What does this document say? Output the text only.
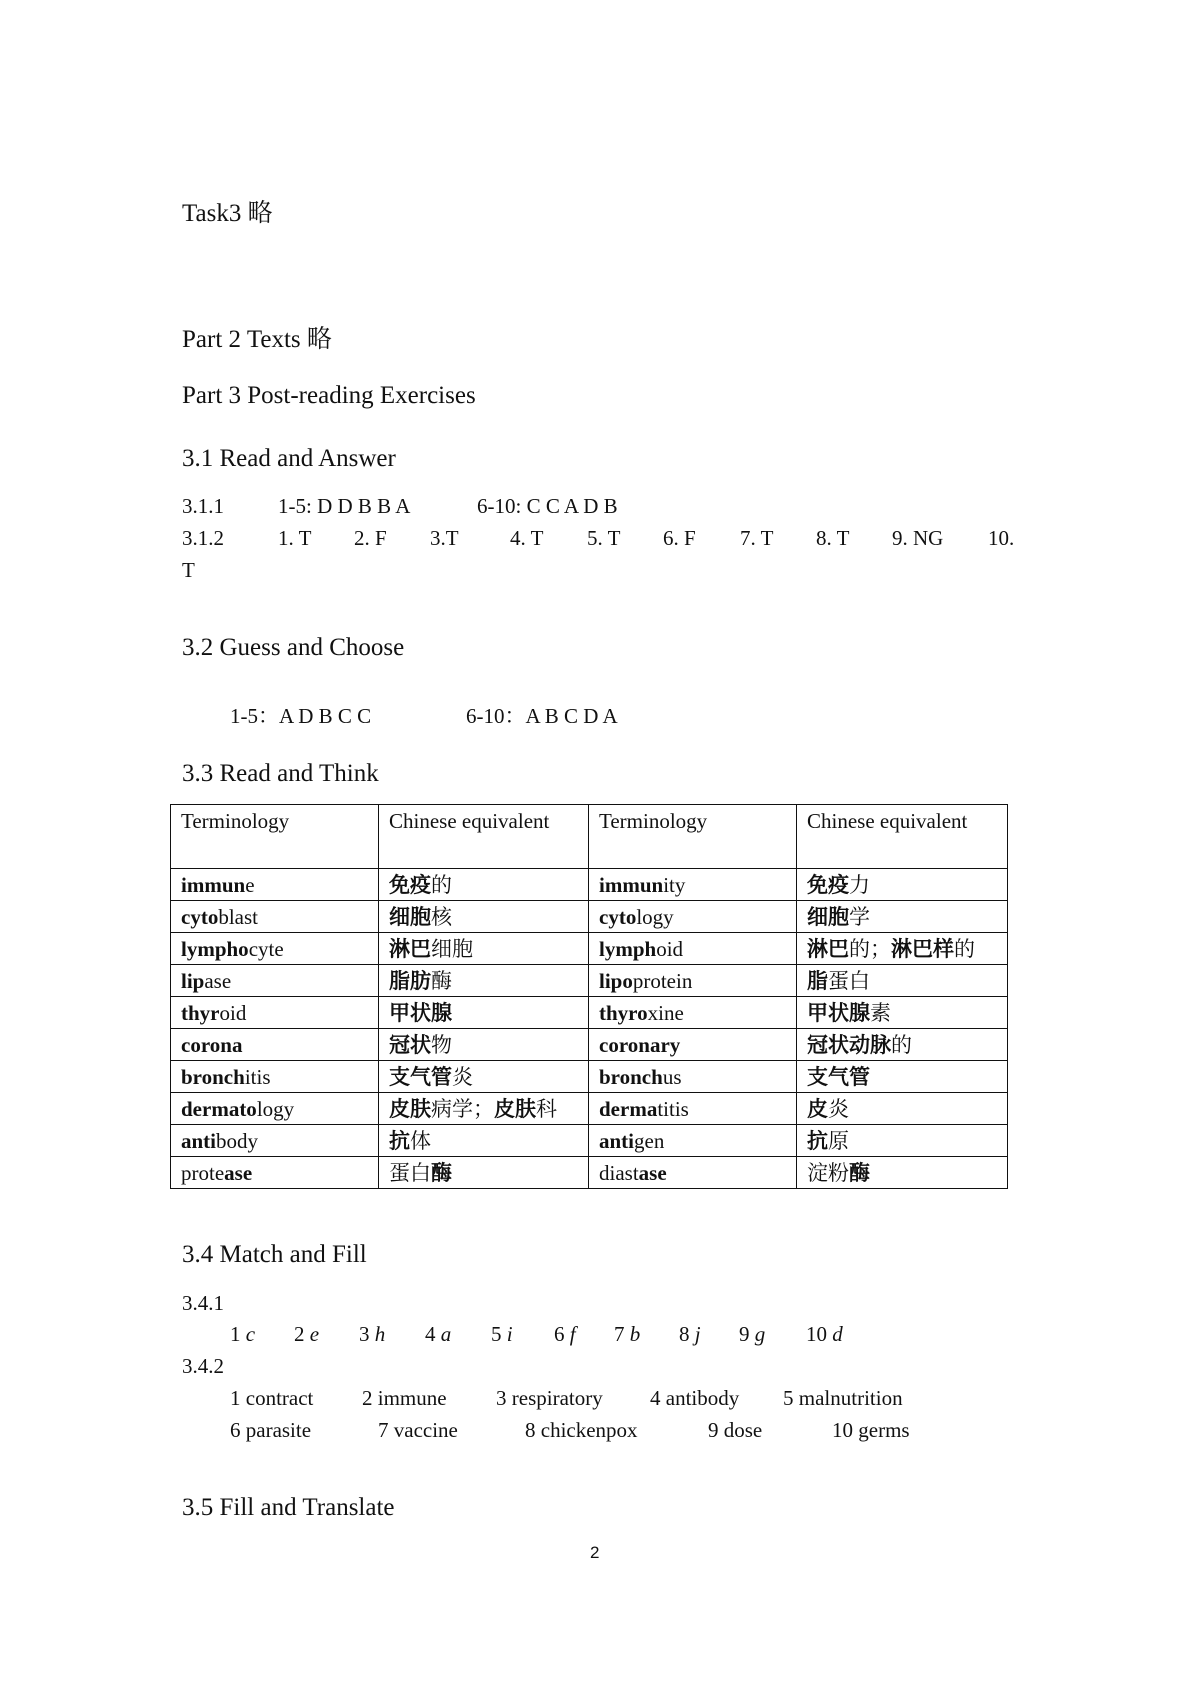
Task3 略
Part 2 Texts 略
Part 3 Post-reading Exercises
3.1 Read and Answer
3.1.1	1-5: D D B B A	6-10: C C A D B
3.1.2	1. T 2. F 3.T 4. T 5. T 6. F 7. T 8. T 9. NG 10.
T
3.2 Guess and Choose
1-5：A D B C C	6-10：A B C D A
3.3 Read and Think
Terminology	Chinese equivalent	Terminology	Chinese equivalent
immune	免疫的	immunity	免疫力
cytoblast	细胞核	cytology	细胞学
lymphocyte	淋巴细胞	lymphoid	淋巴的；淋巴样的
lipase	脂肪酶	lipoprotein	脂蛋白
thyroid	甲状腺	thyroxine	甲状腺素
corona	冠状物	coronary	冠状动脉的
bronchitis	支气管炎	bronchus	支气管
dermatology	皮肤病学；皮肤科	dermatitis	皮炎
antibody	抗体	antigen	抗原
protease	蛋白酶	diastase	淀粉酶
3.4 Match and Fill
3.4.1
1 c 2 e 3 h 4 a 5 i 6 f 7 b 8 j 9 g 10 d
3.4.2
1 contract 2 immune 3 respiratory 4 antibody 5 malnutrition
6 parasite	7 vaccine	8 chickenpox	9 dose	10 germs
3.5 Fill and Translate
2
